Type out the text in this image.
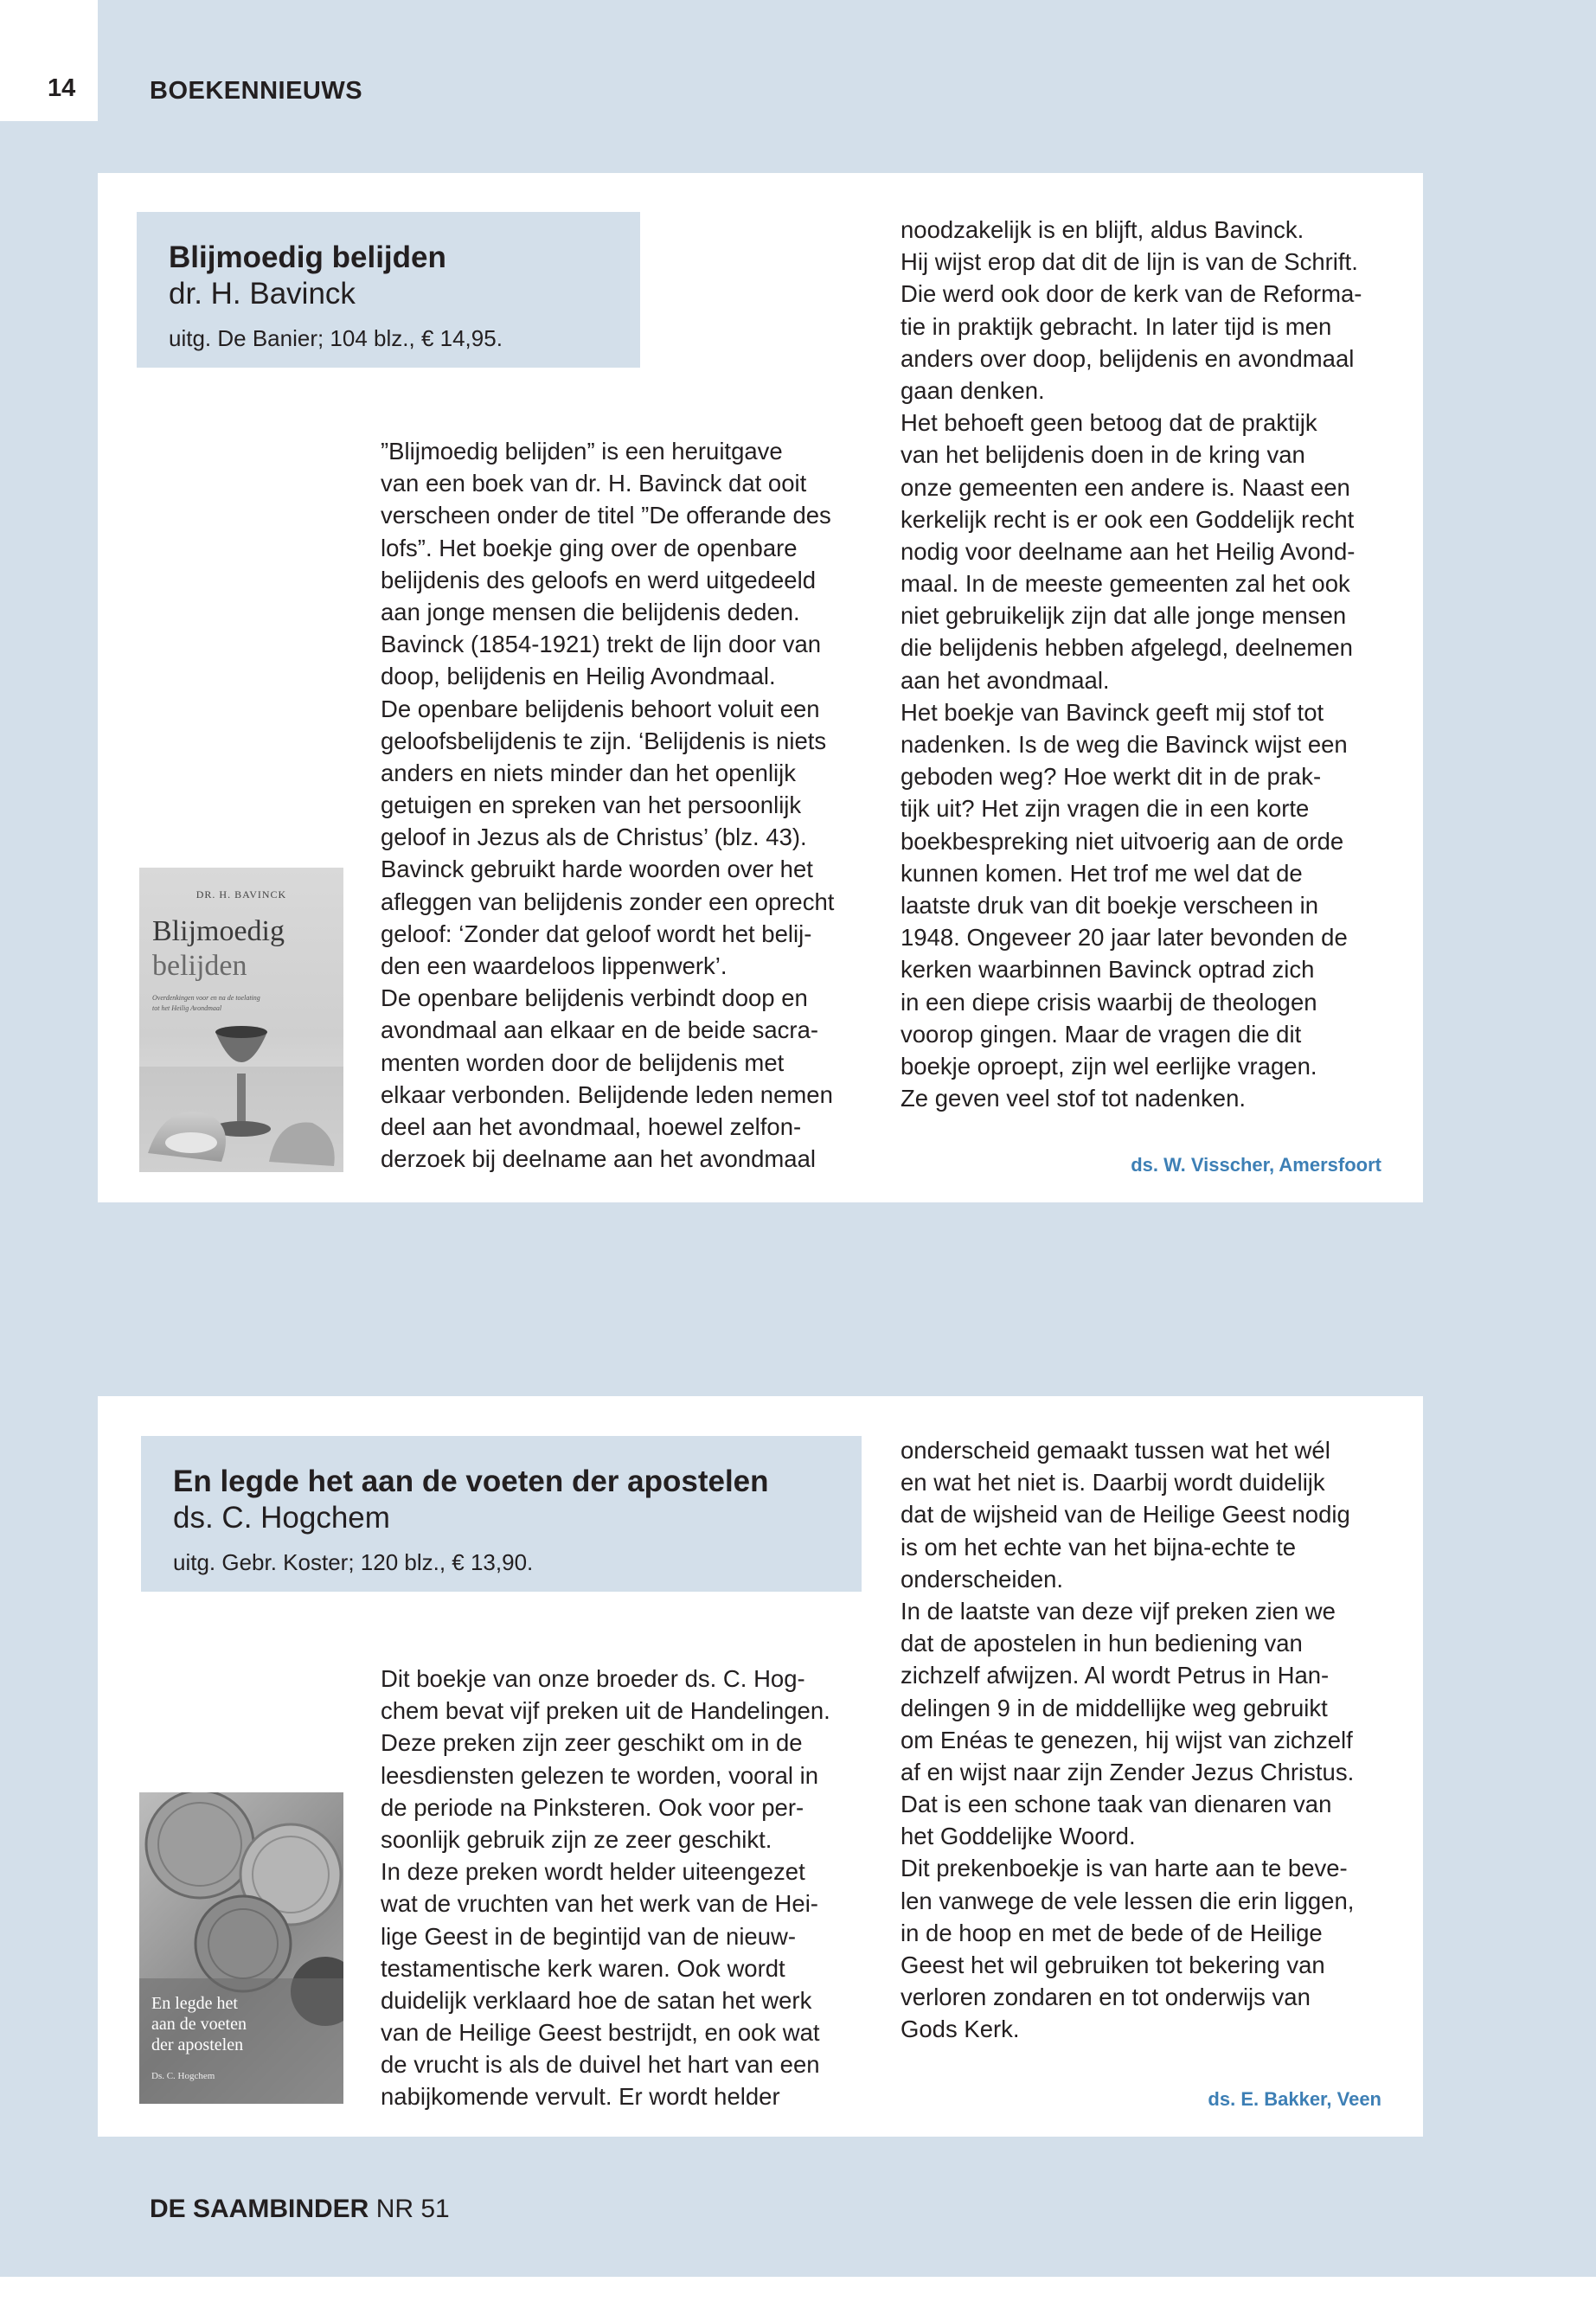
14	BOEKENNIEUWS
Blijmoedig belijden
dr. H. Bavinck
uitg. De Banier; 104 blz., € 14,95.
DR. H. BAVINCK
Blijmoedig
belijden
Overdenkingen voor en na de toelating tot het Heilig Avondmaal
”Blijmoedig belijden” is een heruitgave
van een boek van dr. H. Bavinck dat ooit
verscheen onder de titel ”De offerande des
lofs”. Het boekje ging over de openbare
belijdenis des geloofs en werd uitgedeeld
aan jonge mensen die belijdenis deden.
Bavinck (1854-1921) trekt de lijn door van
doop, belijdenis en Heilig Avondmaal.
De openbare belijdenis behoort voluit een
geloofsbelijdenis te zijn. ‘Belijdenis is niets
anders en niets minder dan het openlijk
getuigen en spreken van het persoonlijk
geloof in Jezus als de Christus’ (blz. 43).
Bavinck gebruikt harde woorden over het
afleggen van belijdenis zonder een oprecht
geloof: ‘Zonder dat geloof wordt het belij-
den een waardeloos lippenwerk’.
De openbare belijdenis verbindt doop en
avondmaal aan elkaar en de beide sacra-
menten worden door de belijdenis met
elkaar verbonden. Belijdende leden nemen
deel aan het avondmaal, hoewel zelfon-
derzoek bij deelname aan het avondmaal
noodzakelijk is en blijft, aldus Bavinck.
Hij wijst erop dat dit de lijn is van de Schrift.
Die werd ook door de kerk van de Reforma-
tie in praktijk gebracht. In later tijd is men
anders over doop, belijdenis en avondmaal
gaan denken.
Het behoeft geen betoog dat de praktijk
van het belijdenis doen in de kring van
onze gemeenten een andere is. Naast een
kerkelijk recht is er ook een Goddelijk recht
nodig voor deelname aan het Heilig Avond-
maal. In de meeste gemeenten zal het ook
niet gebruikelijk zijn dat alle jonge mensen
die belijdenis hebben afgelegd, deelnemen
aan het avondmaal.
Het boekje van Bavinck geeft mij stof tot
nadenken. Is de weg die Bavinck wijst een
geboden weg? Hoe werkt dit in de prak-
tijk uit? Het zijn vragen die in een korte
boekbespreking niet uitvoerig aan de orde
kunnen komen. Het trof me wel dat de
laatste druk van dit boekje verscheen in
1948. Ongeveer 20 jaar later bevonden de
kerken waarbinnen Bavinck optrad zich
in een diepe crisis waarbij de theologen
voorop gingen. Maar de vragen die dit
boekje oproept, zijn wel eerlijke vragen.
Ze geven veel stof tot nadenken.
ds. W. Visscher, Amersfoort
En legde het aan de voeten der apostelen
ds. C. Hogchem
uitg. Gebr. Koster; 120 blz., € 13,90.
En legde het
aan de voeten
der apostelen
Ds. C. Hogchem
Dit boekje van onze broeder ds. C. Hog-
chem bevat vijf preken uit de Handelingen.
Deze preken zijn zeer geschikt om in de
leesdiensten gelezen te worden, vooral in
de periode na Pinksteren. Ook voor per-
soonlijk gebruik zijn ze zeer geschikt.
In deze preken wordt helder uiteengezet
wat de vruchten van het werk van de Hei-
lige Geest in de begintijd van de nieuw-
testamentische kerk waren. Ook wordt
duidelijk verklaard hoe de satan het werk
van de Heilige Geest bestrijdt, en ook wat
de vrucht is als de duivel het hart van een
nabijkomende vervult. Er wordt helder
onderscheid gemaakt tussen wat het wél
en wat het niet is. Daarbij wordt duidelijk
dat de wijsheid van de Heilige Geest nodig
is om het echte van het bijna-echte te
onderscheiden.
In de laatste van deze vijf preken zien we
dat de apostelen in hun bediening van
zichzelf afwijzen. Al wordt Petrus in Han-
delingen 9 in de middellijke weg gebruikt
om Enéas te genezen, hij wijst van zichzelf
af en wijst naar zijn Zender Jezus Christus.
Dat is een schone taak van dienaren van
het Goddelijke Woord.
Dit prekenboekje is van harte aan te beve-
len vanwege de vele lessen die erin liggen,
in de hoop en met de bede of de Heilige
Geest het wil gebruiken tot bekering van
verloren zondaren en tot onderwijs van
Gods Kerk.
ds. E. Bakker, Veen
DE SAAMBINDER NR 51
